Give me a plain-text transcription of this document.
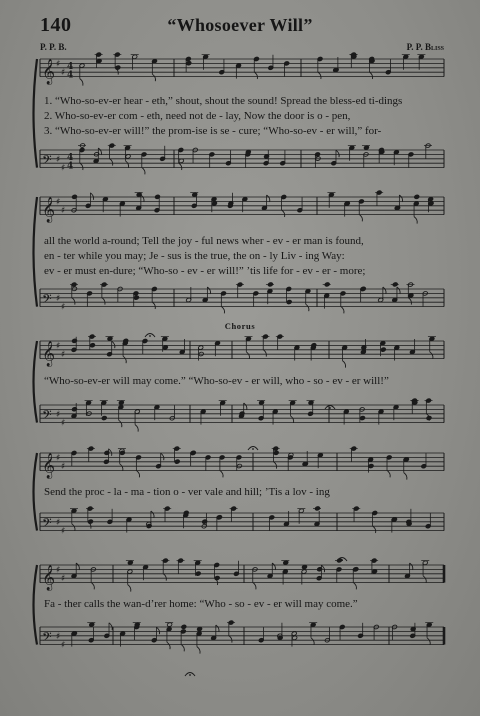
140	“Whosoever Will”
P. P. B.	P. P. Bliss
𝄞 ♯
♯
4
4
𝄢 ♯
♯
4
4
𝄞 ♯
♯
𝄢 ♯
♯
𝄞 ♯
♯
𝄢 ♯
♯
𝄞 ♯
♯
𝄢 ♯
♯
𝄞 ♯
♯
𝄢 ♯
♯
1. “Who-so-ev-er hear - eth,” shout, shout the sound! Spread the bless-ed ti-dings
2. Who-so-ev-er com - eth, need not de - lay, Now the door is o - pen,
3. “Who-so-ev-er will!” the prom-ise is se - cure; “Who-so-ev - er will,” for-
all the world a-round; Tell the joy - ful news wher - ev - er man is found,
en - ter while you may; Je - sus is the true, the on - ly Liv - ing Way:
ev - er must en-dure; “Who-so - ev - er will!” ’tis life for - ev - er - more;
Chorus
“Who-so-ev-er will may come.” “Who-so-ev - er will, who - so - ev - er will!”
Send the proc - la - ma - tion o - ver vale and hill; ’Tis a lov - ing
Fa - ther calls the wan-d’rer home: “Who - so - ev - er will may come.”
